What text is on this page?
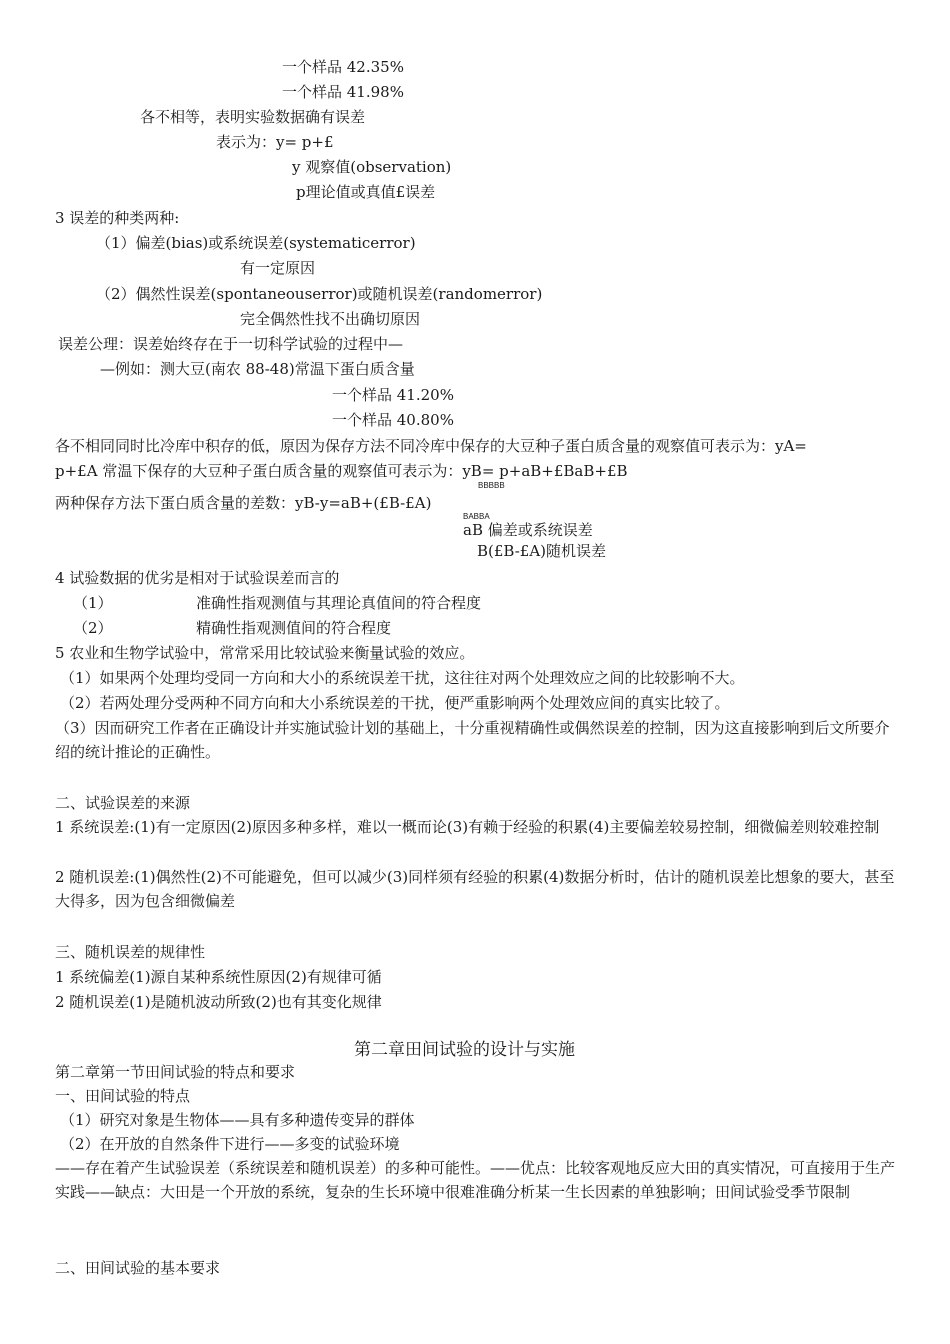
一个样品 42.35%
一个样品 41.98%
各不相等，表明实验数据确有误差
表示为：y= p+£
y 观察值(observation)
p理论值或真值£误差
3 误差的种类两种:
（1）偏差(bias)或系统误差(systematicerror)
有一定原因
（2）偶然性误差(spontaneouserror)或随机误差(randomerror)
完全偶然性找不出确切原因
误差公理：误差始终存在于一切科学试验的过程中—
—例如：测大豆(南农 88-48)常温下蛋白质含量
一个样品 41.20%
一个样品 40.80%
各不相同同时比冷库中积存的低，原因为保存方法不同冷库中保存的大豆种子蛋白质含量的观察值可表示为：yA=
p+£A 常温下保存的大豆种子蛋白质含量的观察值可表示为：yB= p+aB+£BaB+£B
BBBBB
两种保存方法下蛋白质含量的差数：yB-y=aB+(£B-£A)
BABBA
aB 偏差或系统误差
B(£B-£A)随机误差
4 试验数据的优劣是相对于试验误差而言的
（1）	准确性指观测值与其理论真值间的符合程度
（2）	精确性指观测值间的符合程度
5 农业和生物学试验中，常常采用比较试验来衡量试验的效应。
（1）如果两个处理均受同一方向和大小的系统误差干扰，这往往对两个处理效应之间的比较影响不大。
（2）若两处理分受两种不同方向和大小系统误差的干扰，便严重影响两个处理效应间的真实比较了。
（3）因而研究工作者在正确设计并实施试验计划的基础上，十分重视精确性或偶然误差的控制，因为这直接影响到后文所要介绍的统计推论的正确性。
二、试验误差的来源
1 系统误差:(1)有一定原因(2)原因多种多样，难以一概而论(3)有赖于经验的积累(4)主要偏差较易控制，细微偏差则较难控制
2 随机误差:(1)偶然性(2)不可能避免，但可以减少(3)同样须有经验的积累(4)数据分析时，估计的随机误差比想象的要大，甚至大得多，因为包含细微偏差
三、随机误差的规律性
1 系统偏差(1)源自某种系统性原因(2)有规律可循
2 随机误差(1)是随机波动所致(2)也有其变化规律
第二章田间试验的设计与实施
第二章第一节田间试验的特点和要求
一、田间试验的特点
（1）研究对象是生物体——具有多种遗传变异的群体
（2）在开放的自然条件下进行——多变的试验环境
——存在着产生试验误差（系统误差和随机误差）的多种可能性。——优点：比较客观地反应大田的真实情况，可直接用于生产实践——缺点：大田是一个开放的系统，复杂的生长环境中很难准确分析某一生长因素的单独影响；田间试验受季节限制
二、田间试验的基本要求
